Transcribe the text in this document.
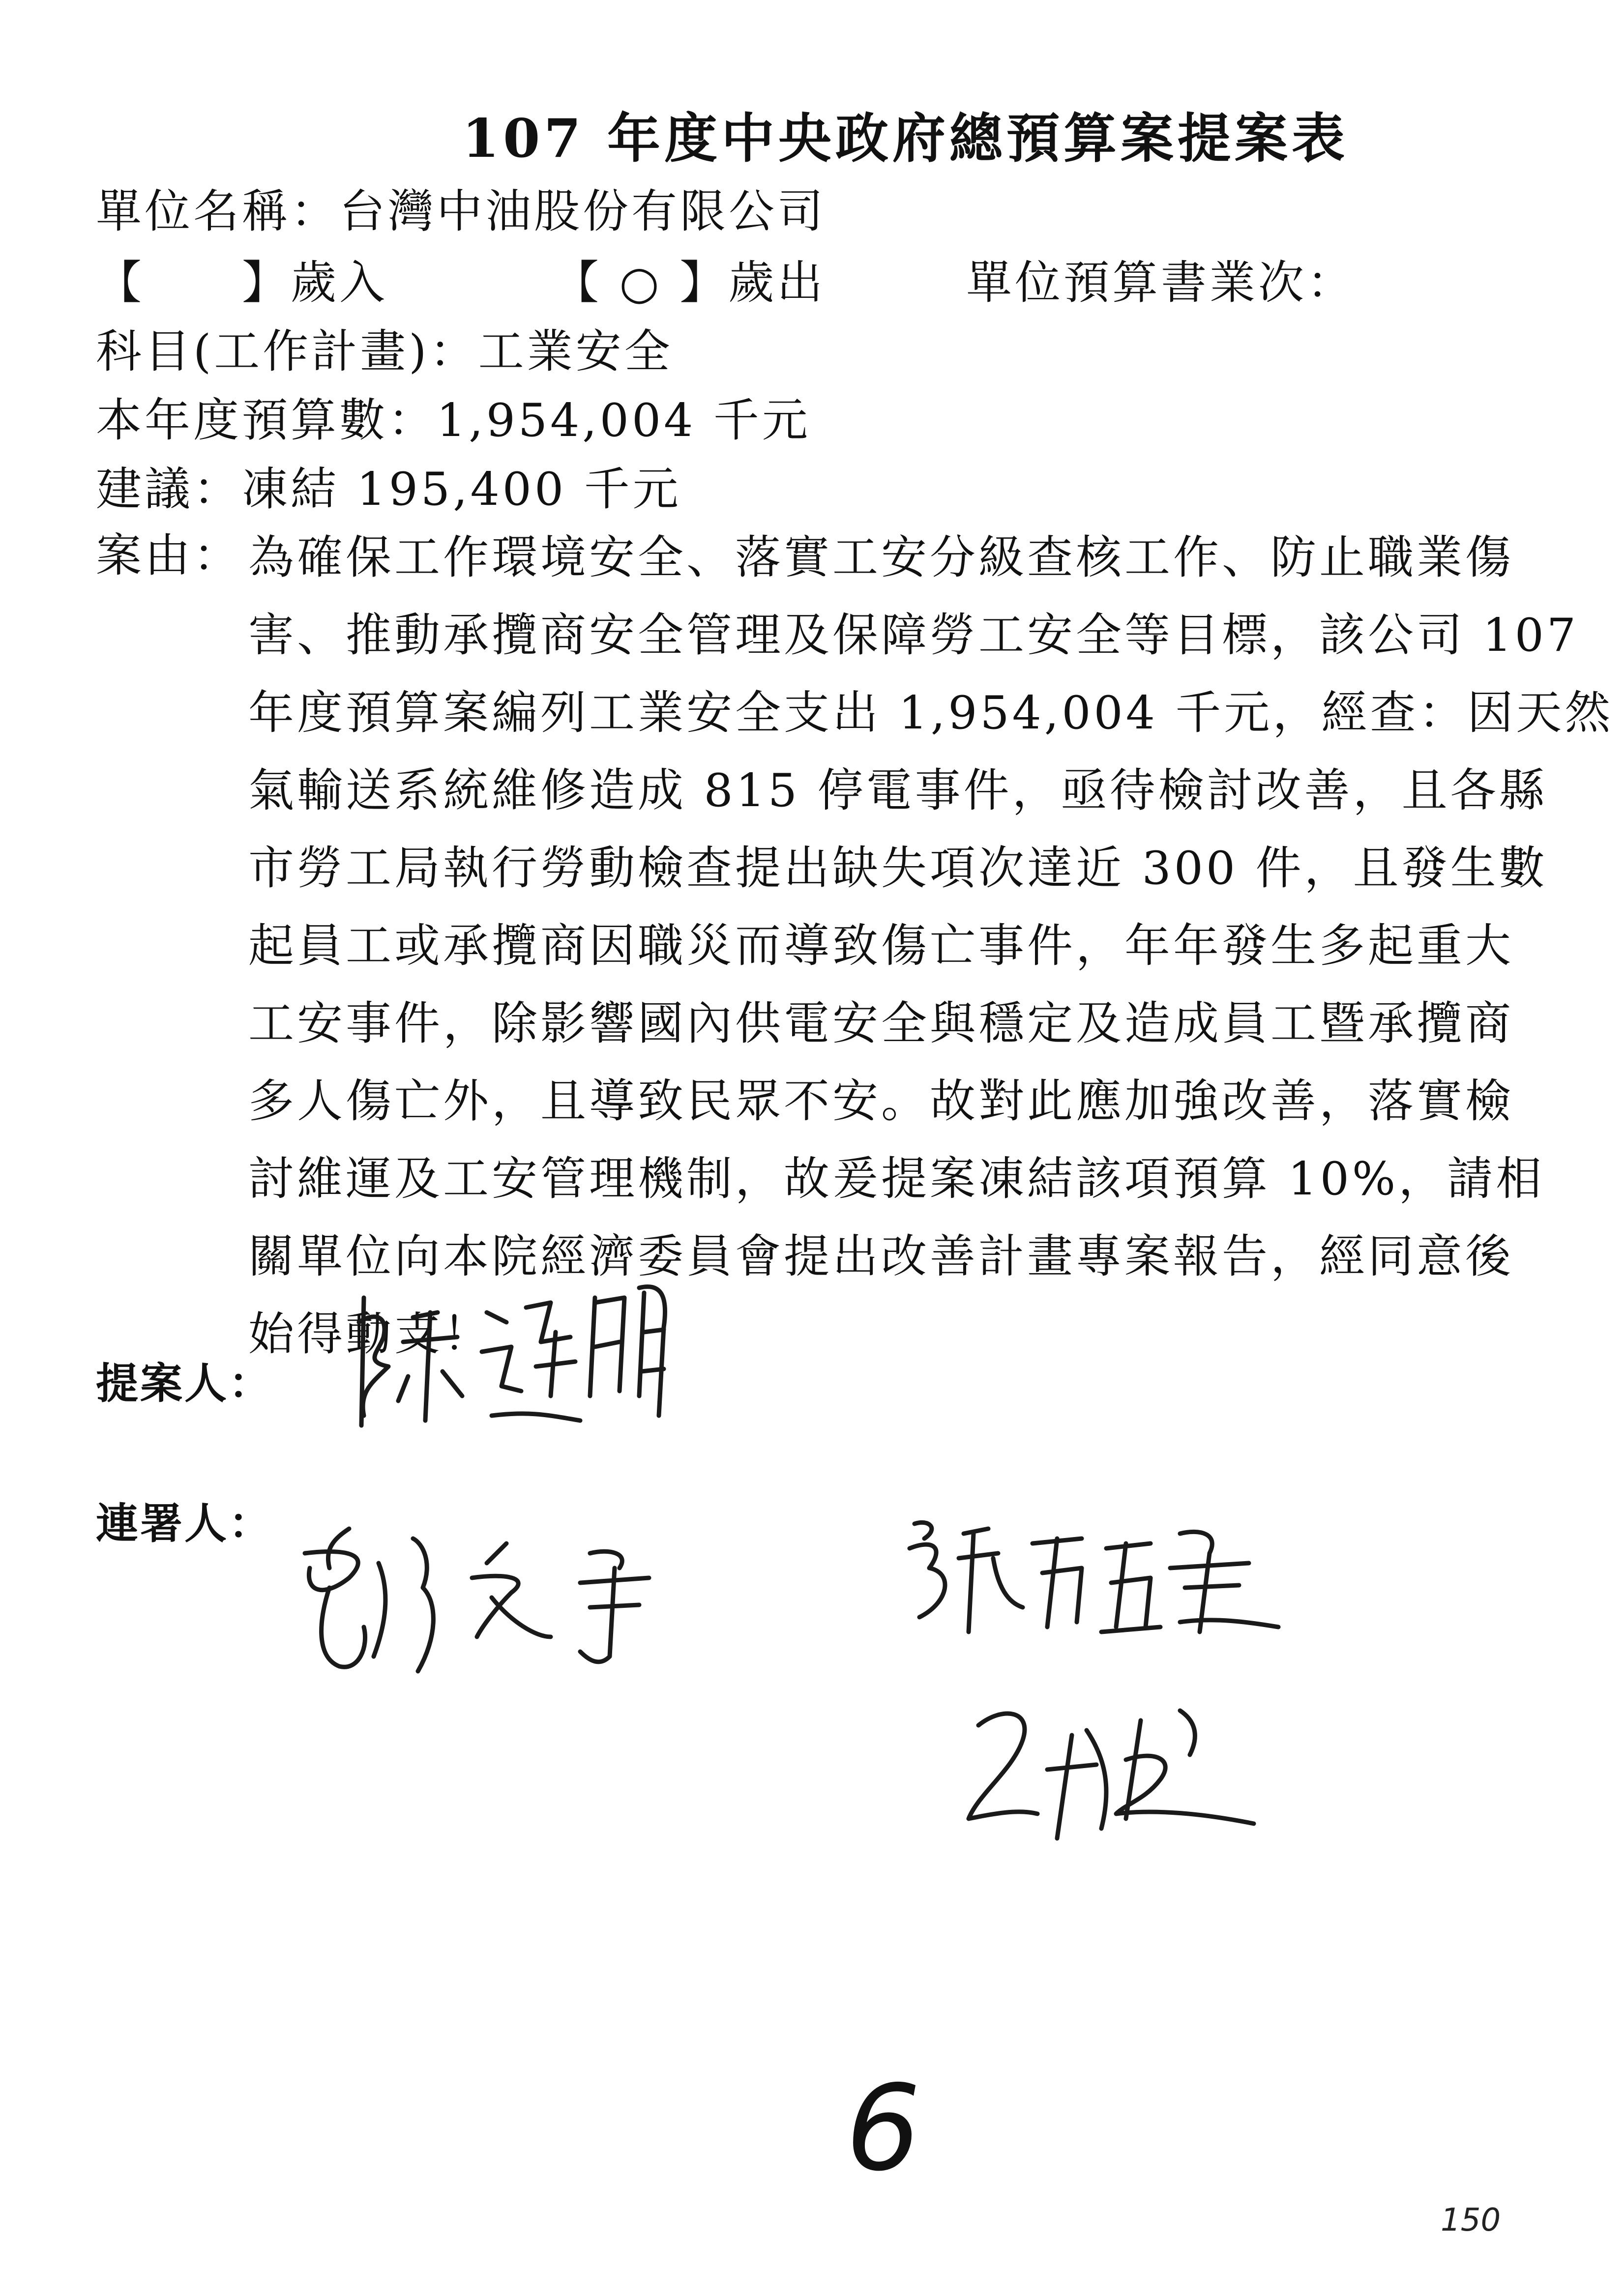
107 年度中央政府總預算案提案表
單位名稱：台灣中油股份有限公司
【　　】歲入	【 ○ 】歲出	單位預算書業次：
科目(工作計畫)：工業安全
本年度預算數：1,954,004 千元
建議：凍結 195,400 千元
案由： 為確保工作環境安全、落實工安分級查核工作、防止職業傷
害、推動承攬商安全管理及保障勞工安全等目標，該公司 107
年度預算案編列工業安全支出 1,954,004 千元，經查：因天然
氣輸送系統維修造成 815 停電事件，亟待檢討改善，且各縣
市勞工局執行勞動檢查提出缺失項次達近 300 件，且發生數
起員工或承攬商因職災而導致傷亡事件，年年發生多起重大
工安事件，除影響國內供電安全與穩定及造成員工暨承攬商
多人傷亡外，且導致民眾不安。故對此應加強改善，落實檢
討維運及工安管理機制，故爰提案凍結該項預算 10%，請相
關單位向本院經濟委員會提出改善計畫專案報告，經同意後
始得動支！
提案人：
連署人：
6
150
